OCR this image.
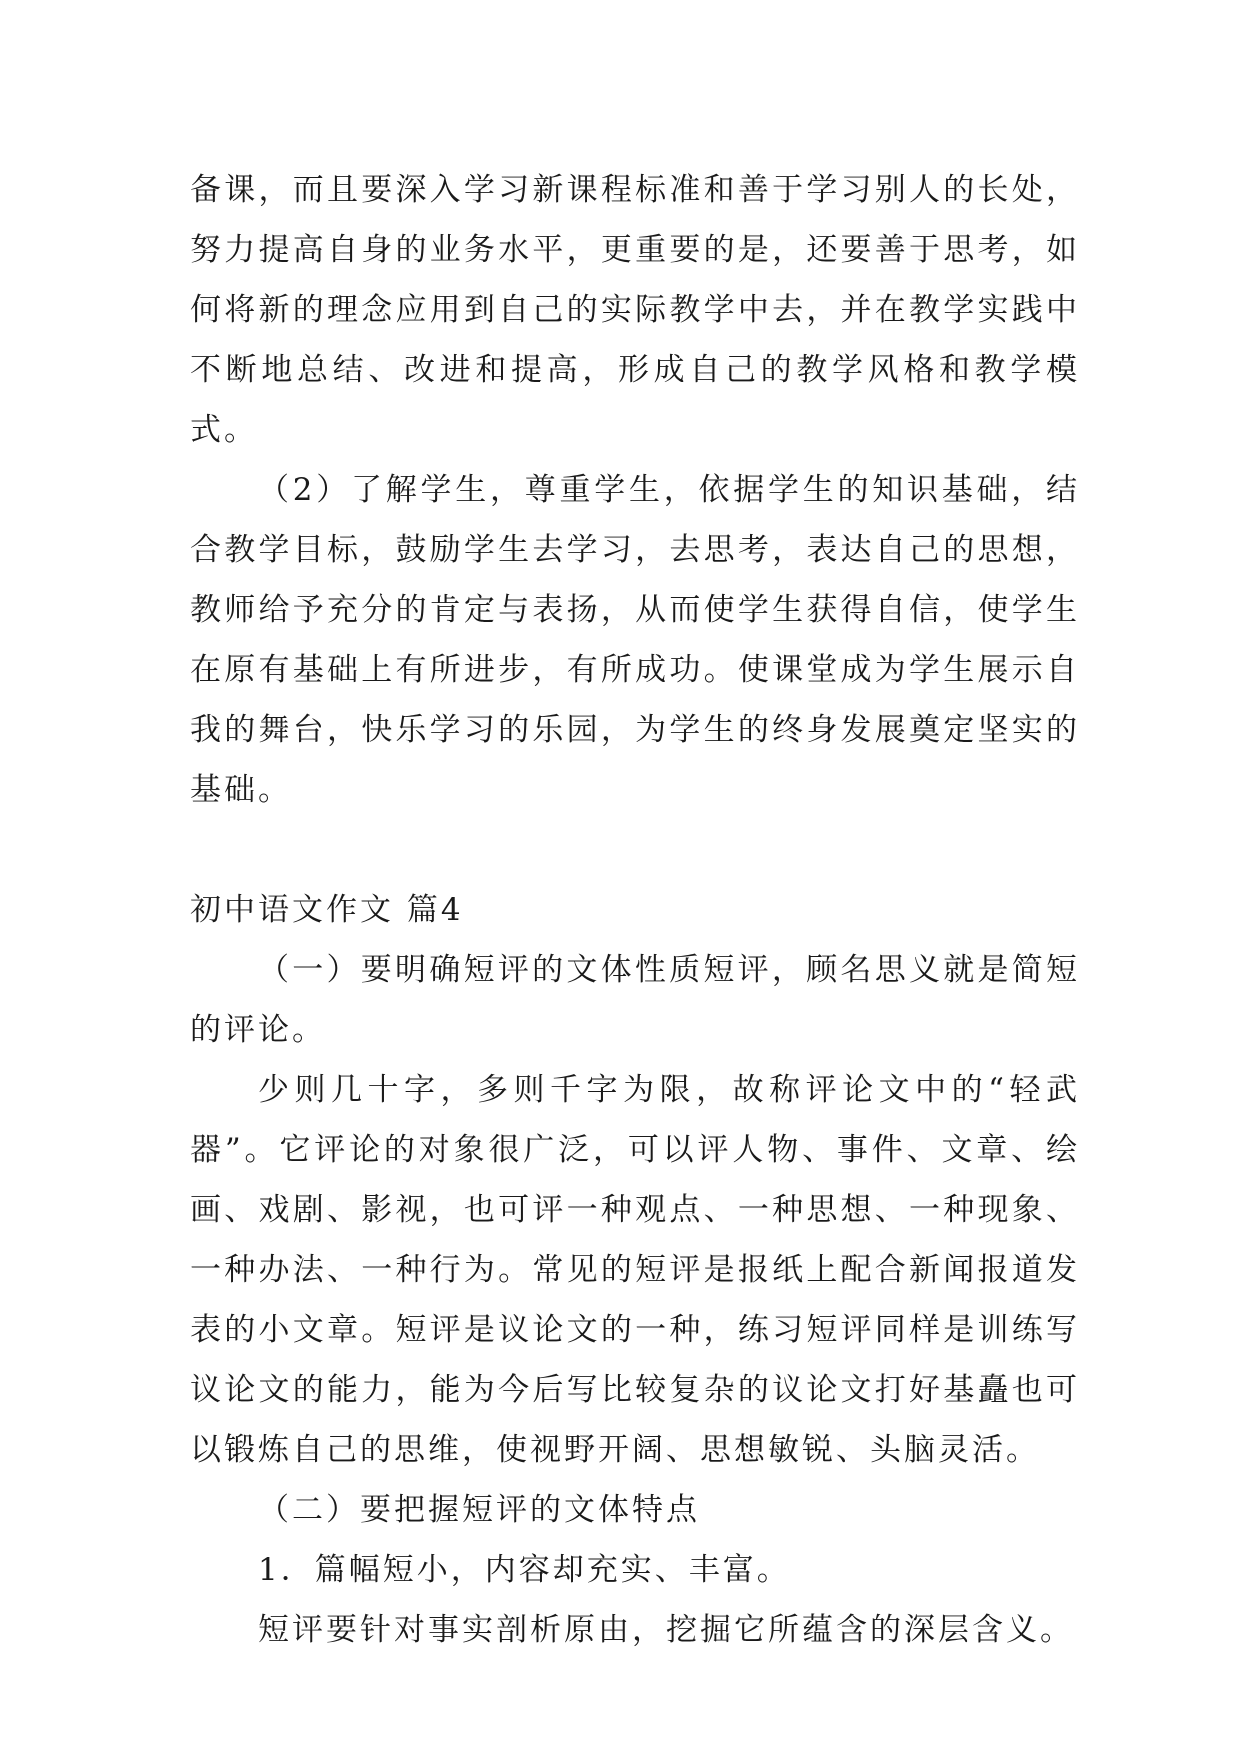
备课，而且要深入学习新课程标准和善于学习别人的长处，努力提高自身的业务水平，更重要的是，还要善于思考，如何将新的理念应用到自己的实际教学中去，并在教学实践中不断地总结、改进和提高，形成自己的教学风格和教学模式。

（2）了解学生，尊重学生，依据学生的知识基础，结合教学目标，鼓励学生去学习，去思考，表达自己的思想，教师给予充分的肯定与表扬，从而使学生获得自信，使学生在原有基础上有所进步，有所成功。使课堂成为学生展示自我的舞台，快乐学习的乐园，为学生的终身发展奠定坚实的基础。

初中语文作文 篇4

（一）要明确短评的文体性质短评，顾名思义就是简短的评论。

少则几十字，多则千字为限，故称评论文中的“轻武器”。它评论的对象很广泛，可以评人物、事件、文章、绘画、戏剧、影视，也可评一种观点、一种思想、一种现象、一种办法、一种行为。常见的短评是报纸上配合新闻报道发表的小文章。短评是议论文的一种，练习短评同样是训练写议论文的能力，能为今后写比较复杂的议论文打好基矗也可以锻炼自己的思维，使视野开阔、思想敏锐、头脑灵活。

（二）要把握短评的文体特点

1．篇幅短小，内容却充实、丰富。

短评要针对事实剖析原由，挖掘它所蕴含的深层含义。
